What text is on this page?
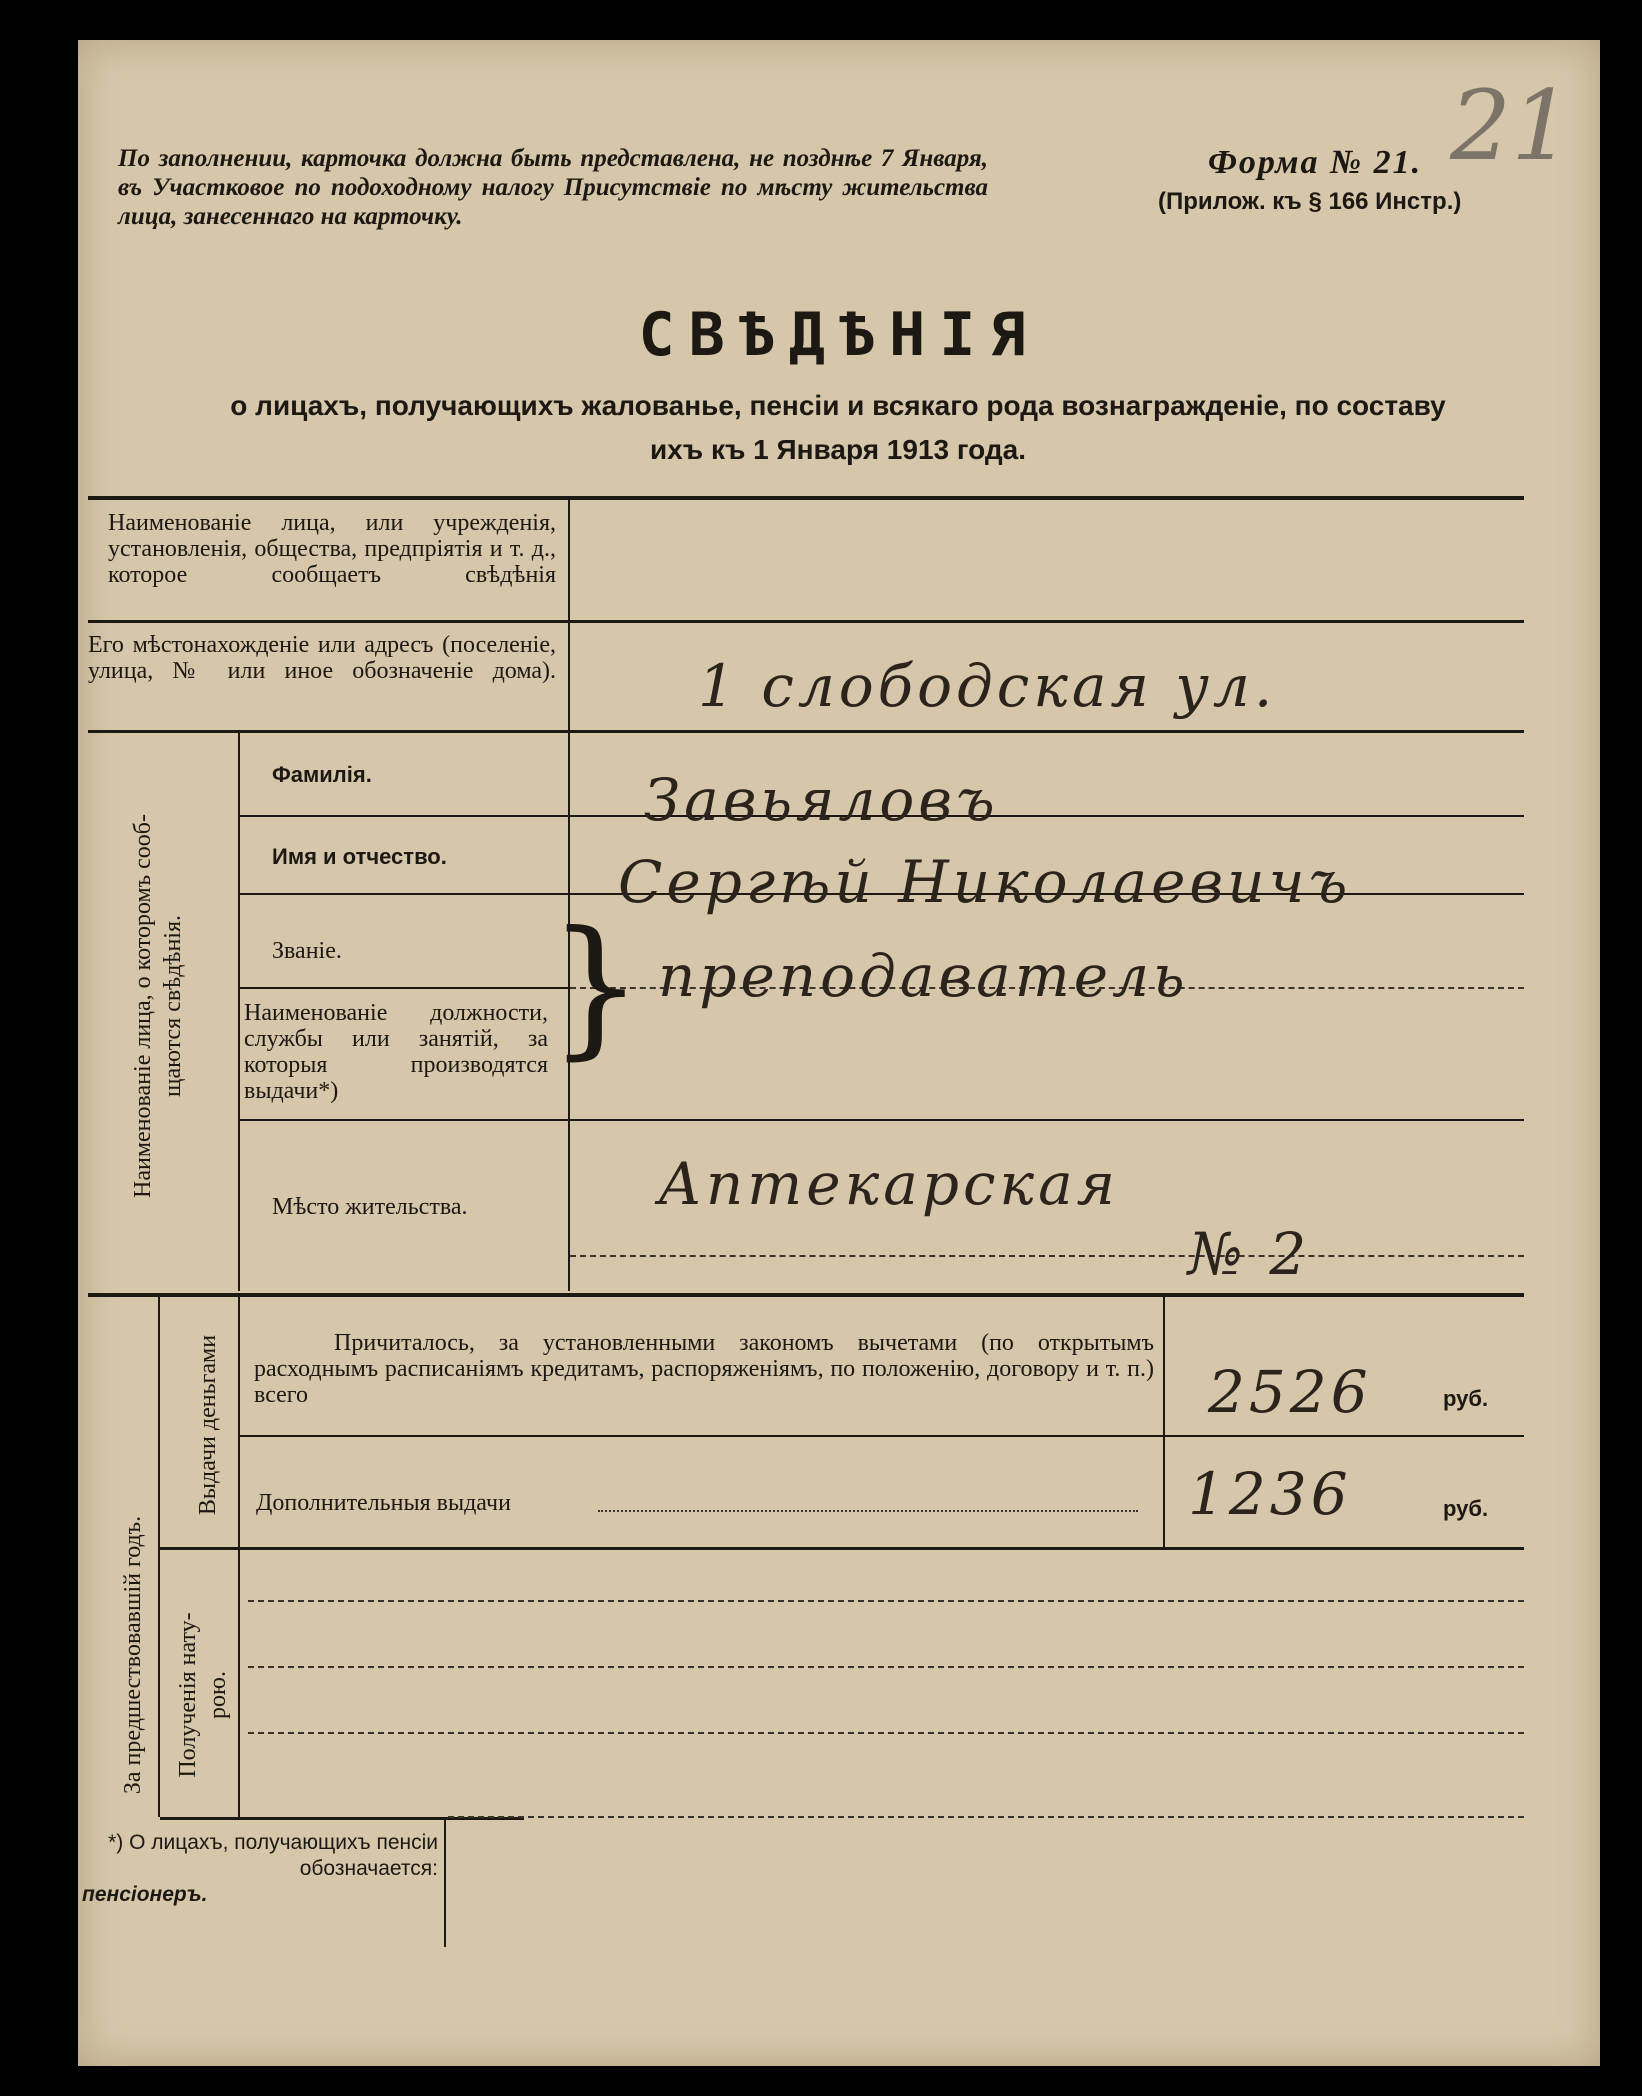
По заполнении, карточка должна быть представлена, не позднѣе 7 Января, въ Участковое по подоходному налогу Присутствіе по мѣсту жительства лица, занесеннаго на карточку.
Форма № 21.
(Прилож. къ § 166 Инстр.)
21
СВѢДѢНІЯ
о лицахъ, получающихъ жалованье, пенсіи и всякаго рода вознагражденіе, по составу
ихъ къ 1 Января 1913 года.
Наименованіе лица, или учрежденія, установленія, общества, предпріятія и т. д., которое сообщаетъ свѣдѣнія
Его мѣстонахожденіе или адресъ (поселеніе, улица, № или иное обозначеніе дома). 1 слободская ул.
Наименованіе лица, о которомъ сооб- щаются свѣдѣнія.
Фамилія.	Завьяловъ
Имя и отчество.	Сергѣй Николаевичъ
Званіе.	преподаватель
Наименованіе должности, службы или занятій, за которыя производятся выдачи*)
}
Мѣсто жительства.	Аптекарская
№ 2
За предшествовавшій годъ.
Выдачи деньгами
Полученія нату- рою.
Причиталось, за установленными закономъ вычетами (по открытымъ расходнымъ расписаніямъ кредитамъ, распоряженіямъ, по положенію, договору и т. п.) всего	2526	руб.
Дополнительныя выдачи	1236	руб.
*) О лицахъ, получающихъ пенсіи обозначается:
пенсіонеръ.
